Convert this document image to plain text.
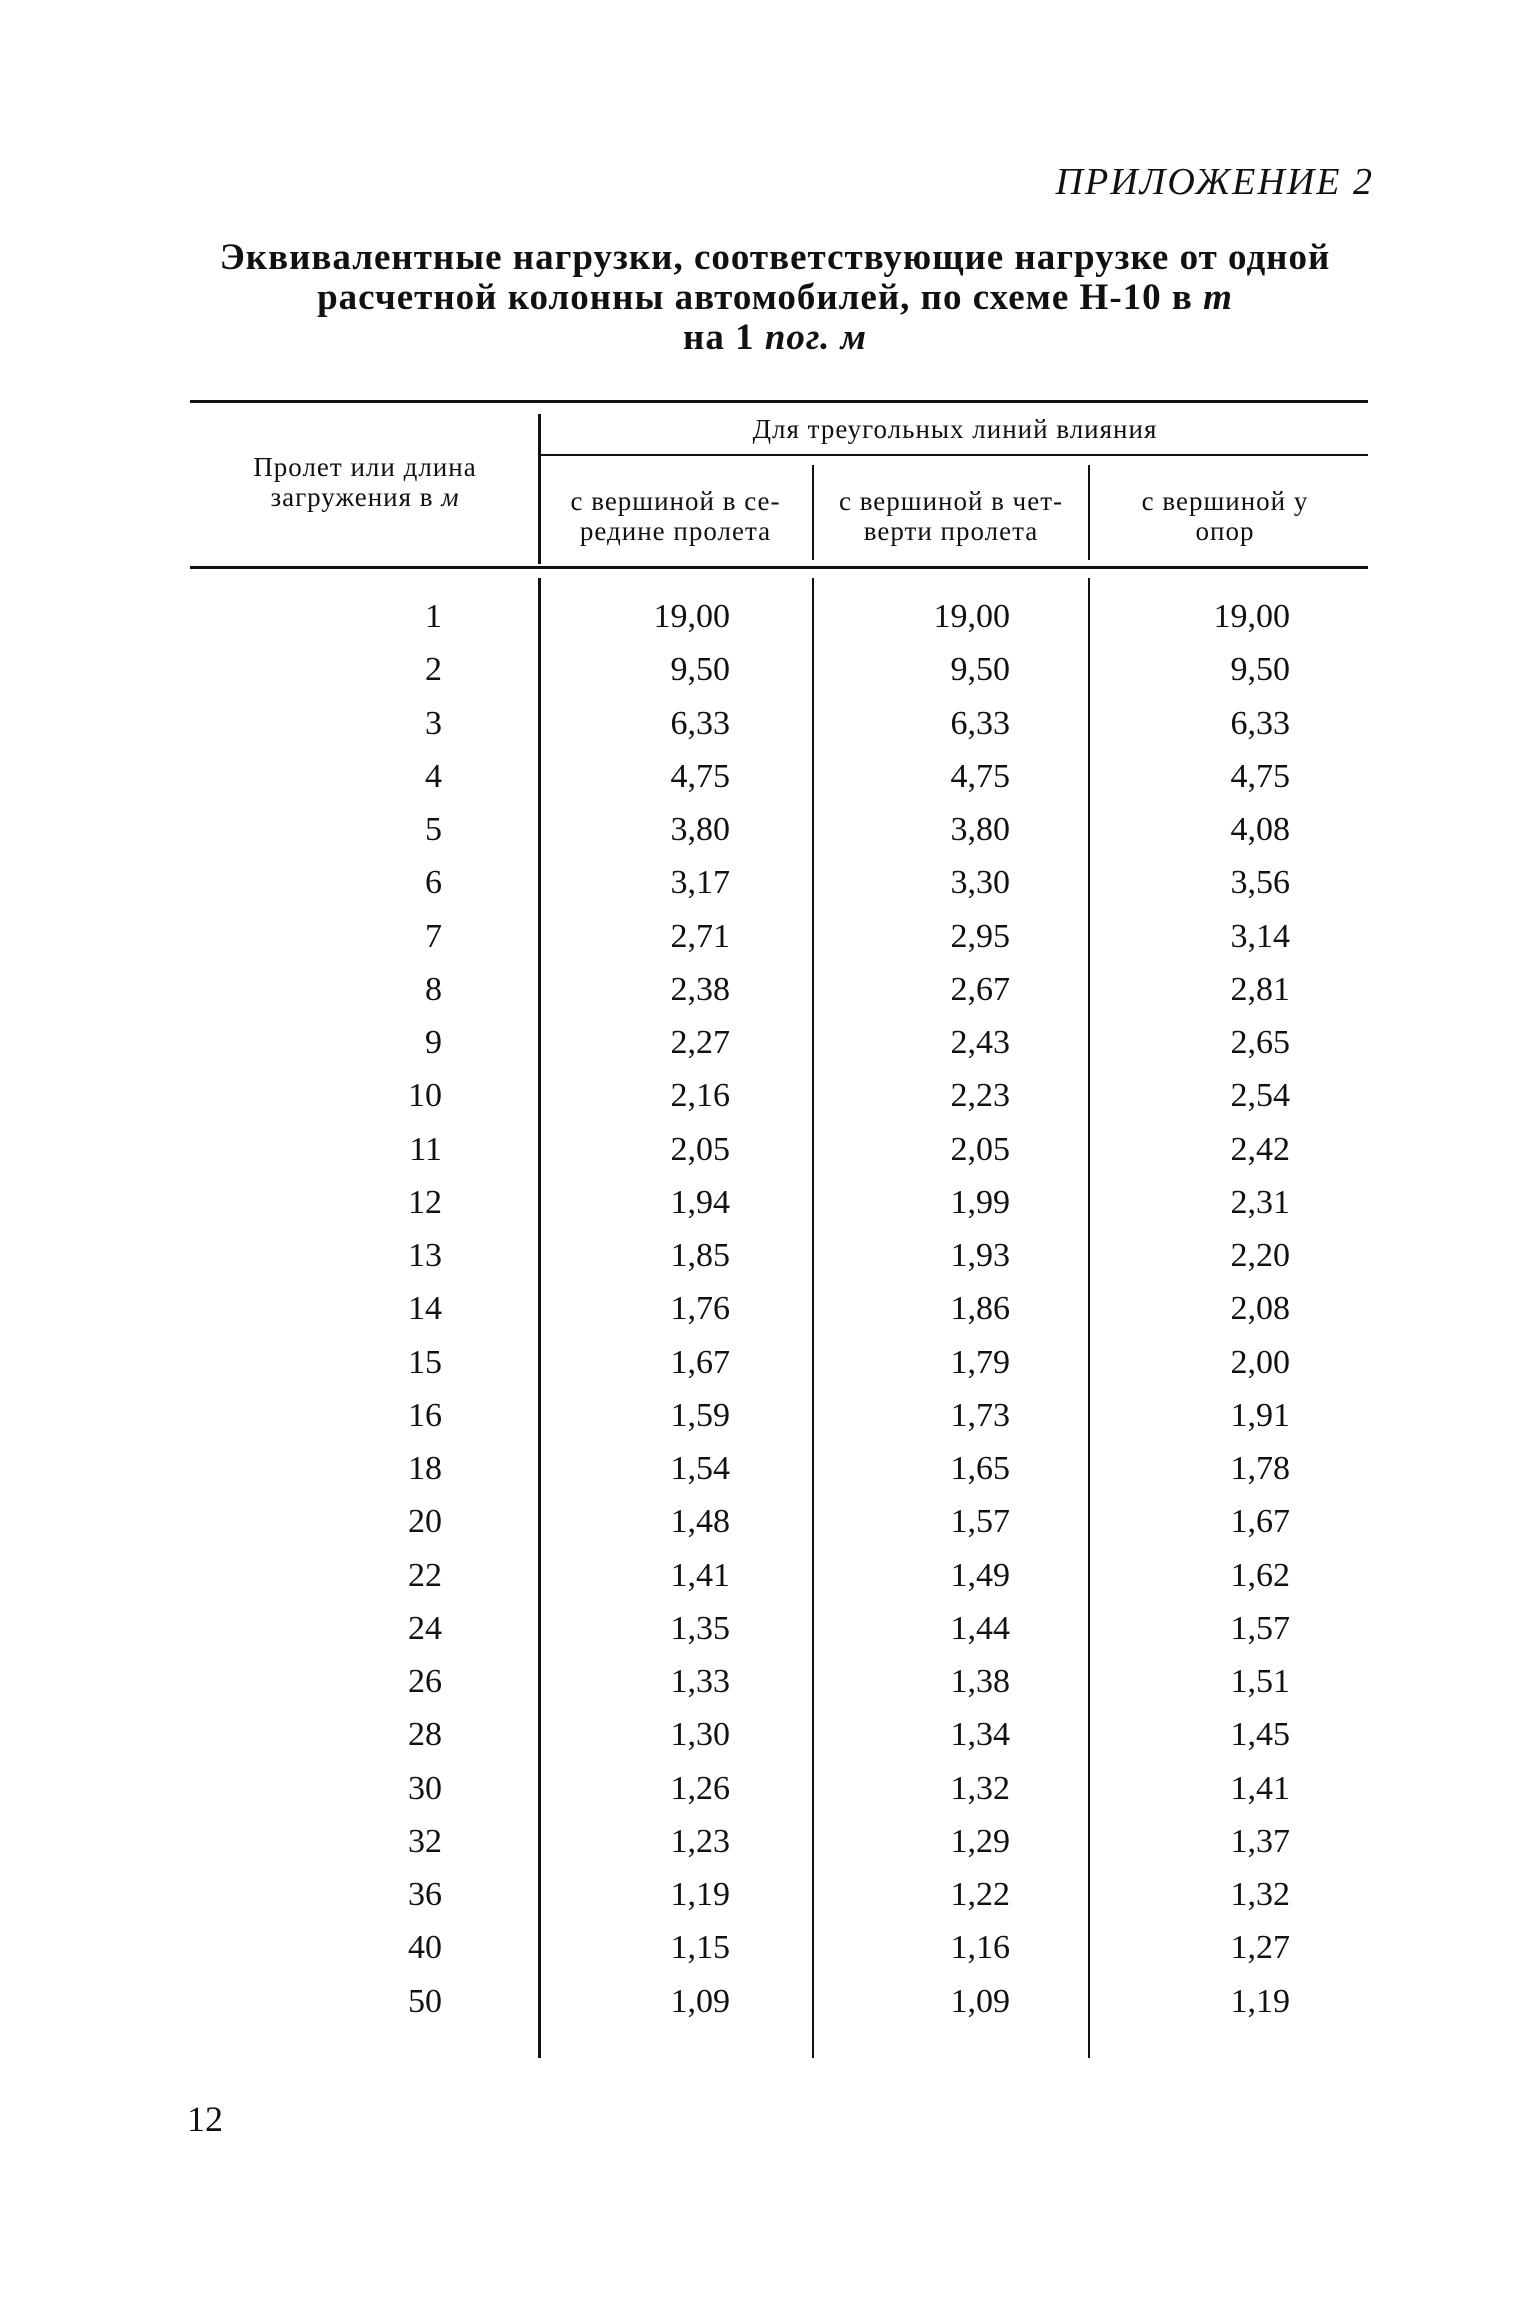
ПРИЛОЖЕНИЕ 2
Эквивалентные нагрузки, соответствующие нагрузке от одной
расчетной колонны автомобилей, по схеме Н-10 в т
на 1 пог. м
Пролет или длина загружения в м
Для треугольных линий влияния
с вершиной в се-редине пролета
с вершиной в чет-верти пролета
с вершиной у опор
1
2
3
4
5
6
7
8
9
10
11
12
13
14
15
16
18
20
22
24
26
28
30
32
36
40
50
19,00
9,50
6,33
4,75
3,80
3,17
2,71
2,38
2,27
2,16
2,05
1,94
1,85
1,76
1,67
1,59
1,54
1,48
1,41
1,35
1,33
1,30
1,26
1,23
1,19
1,15
1,09
19,00
9,50
6,33
4,75
3,80
3,30
2,95
2,67
2,43
2,23
2,05
1,99
1,93
1,86
1,79
1,73
1,65
1,57
1,49
1,44
1,38
1,34
1,32
1,29
1,22
1,16
1,09
19,00
9,50
6,33
4,75
4,08
3,56
3,14
2,81
2,65
2,54
2,42
2,31
2,20
2,08
2,00
1,91
1,78
1,67
1,62
1,57
1,51
1,45
1,41
1,37
1,32
1,27
1,19
12
